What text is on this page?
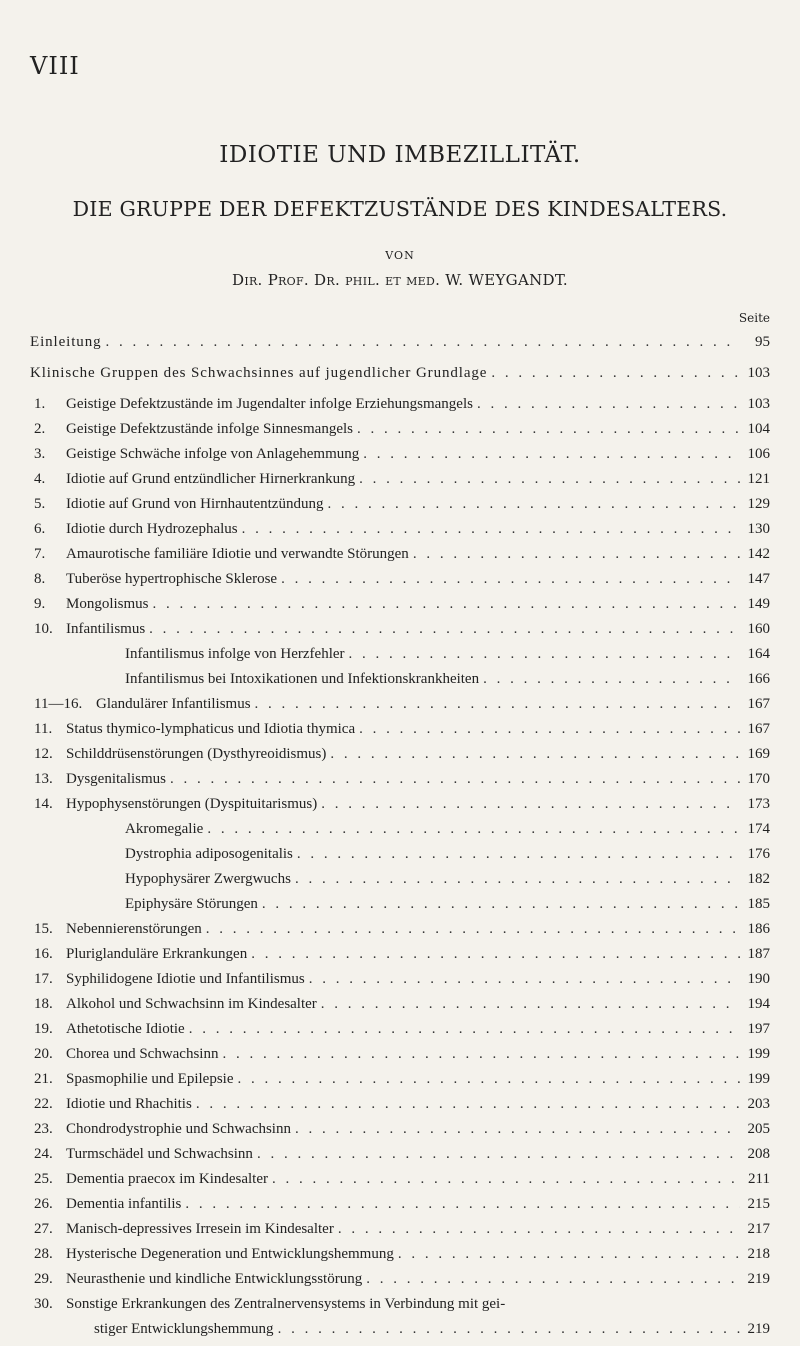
VIII
IDIOTIE UND IMBEZILLITÄT.
DIE GRUPPE DER DEFEKTZUSTÄNDE DES KINDESALTERS.
VON
Dir. Prof. Dr. phil. et med. W. WEYGANDT.
Seite
Einleitung . . .	95
Klinische Gruppen des Schwachsinnes auf jugendlicher Grundlage . . .	103
1. Geistige Defektzustände im Jugendalter infolge Erziehungsmangels . . .	103
2. Geistige Defektzustände infolge Sinnesmangels . . .	104
3. Geistige Schwäche infolge von Anlagehemmung . . .	106
4. Idiotie auf Grund entzündlicher Hirnerkrankung . . .	121
5. Idiotie auf Grund von Hirnhautentzündung . . .	129
6. Idiotie durch Hydrozephalus . . .	130
7. Amaurotische familiäre Idiotie und verwandte Störungen . . .	142
8. Tuberöse hypertrophische Sklerose . . .	147
9. Mongolismus . . .	149
10. Infantilismus . . .	160
Infantilismus infolge von Herzfehler . . .	164
Infantilismus bei Intoxikationen und Infektionskrankheiten . . .	166
11—16. Glandulärer Infantilismus . . .	167
11. Status thymico-lymphaticus und Idiotia thymica . . .	167
12. Schilddrüsenstörungen (Dysthyreoidismus) . . .	169
13. Dysgenitalismus . . .	170
14. Hypophysenstörungen (Dyspituitarismus) . . .	173
Akromegalie . . .	174
Dystrophia adiposogenitalis . . .	176
Hypophysärer Zwergwuchs . . .	182
Epiphysäre Störungen . . .	185
15. Nebennierenstörungen . . .	186
16. Pluriglanduläre Erkrankungen . . .	187
17. Syphilidogene Idiotie und Infantilismus . . .	190
18. Alkohol und Schwachsinn im Kindesalter . . .	194
19. Athetotische Idiotie . . .	197
20. Chorea und Schwachsinn . . .	199
21. Spasmophilie und Epilepsie . . .	199
22. Idiotie und Rhachitis . . .	203
23. Chondrodystrophie und Schwachsinn . . .	205
24. Turmschädel und Schwachsinn . . .	208
25. Dementia praecox im Kindesalter . . .	211
26. Dementia infantilis . . .	215
27. Manisch-depressives Irresein im Kindesalter . . .	217
28. Hysterische Degeneration und Entwicklungshemmung . . .	218
29. Neurasthenie und kindliche Entwicklungsstörung . . .	219
30. Sonstige Erkrankungen des Zentralnervensystems in Verbindung mit gei-
stiger Entwicklungshemmung . . .	219
